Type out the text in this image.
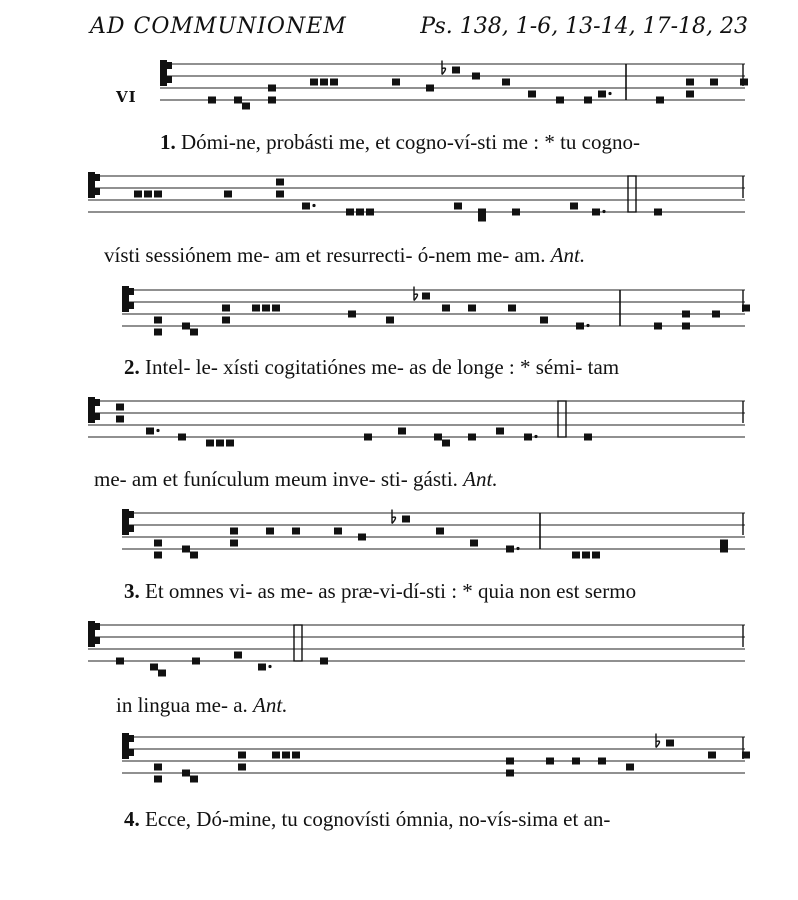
AD COMMUNIONEM	Ps. 138, 1-6, 13-14, 17-18, 23
VI
1. Dómi-ne, probásti me, et cogno-ví-sti me : * tu cogno-
vísti sessiónem me- am et resurrecti- ó-nem me- am. Ant.
2. Intel- le- xísti cogitatiónes me- as de longe : * sémi- tam
me- am et funículum meum inve- sti- gásti. Ant.
3. Et omnes vi- as me- as præ-vi-dí-sti : * quia non est sermo
in lingua me- a. Ant.
4. Ecce, Dó-mine, tu cognovísti ómnia, no-vís-sima et an-
